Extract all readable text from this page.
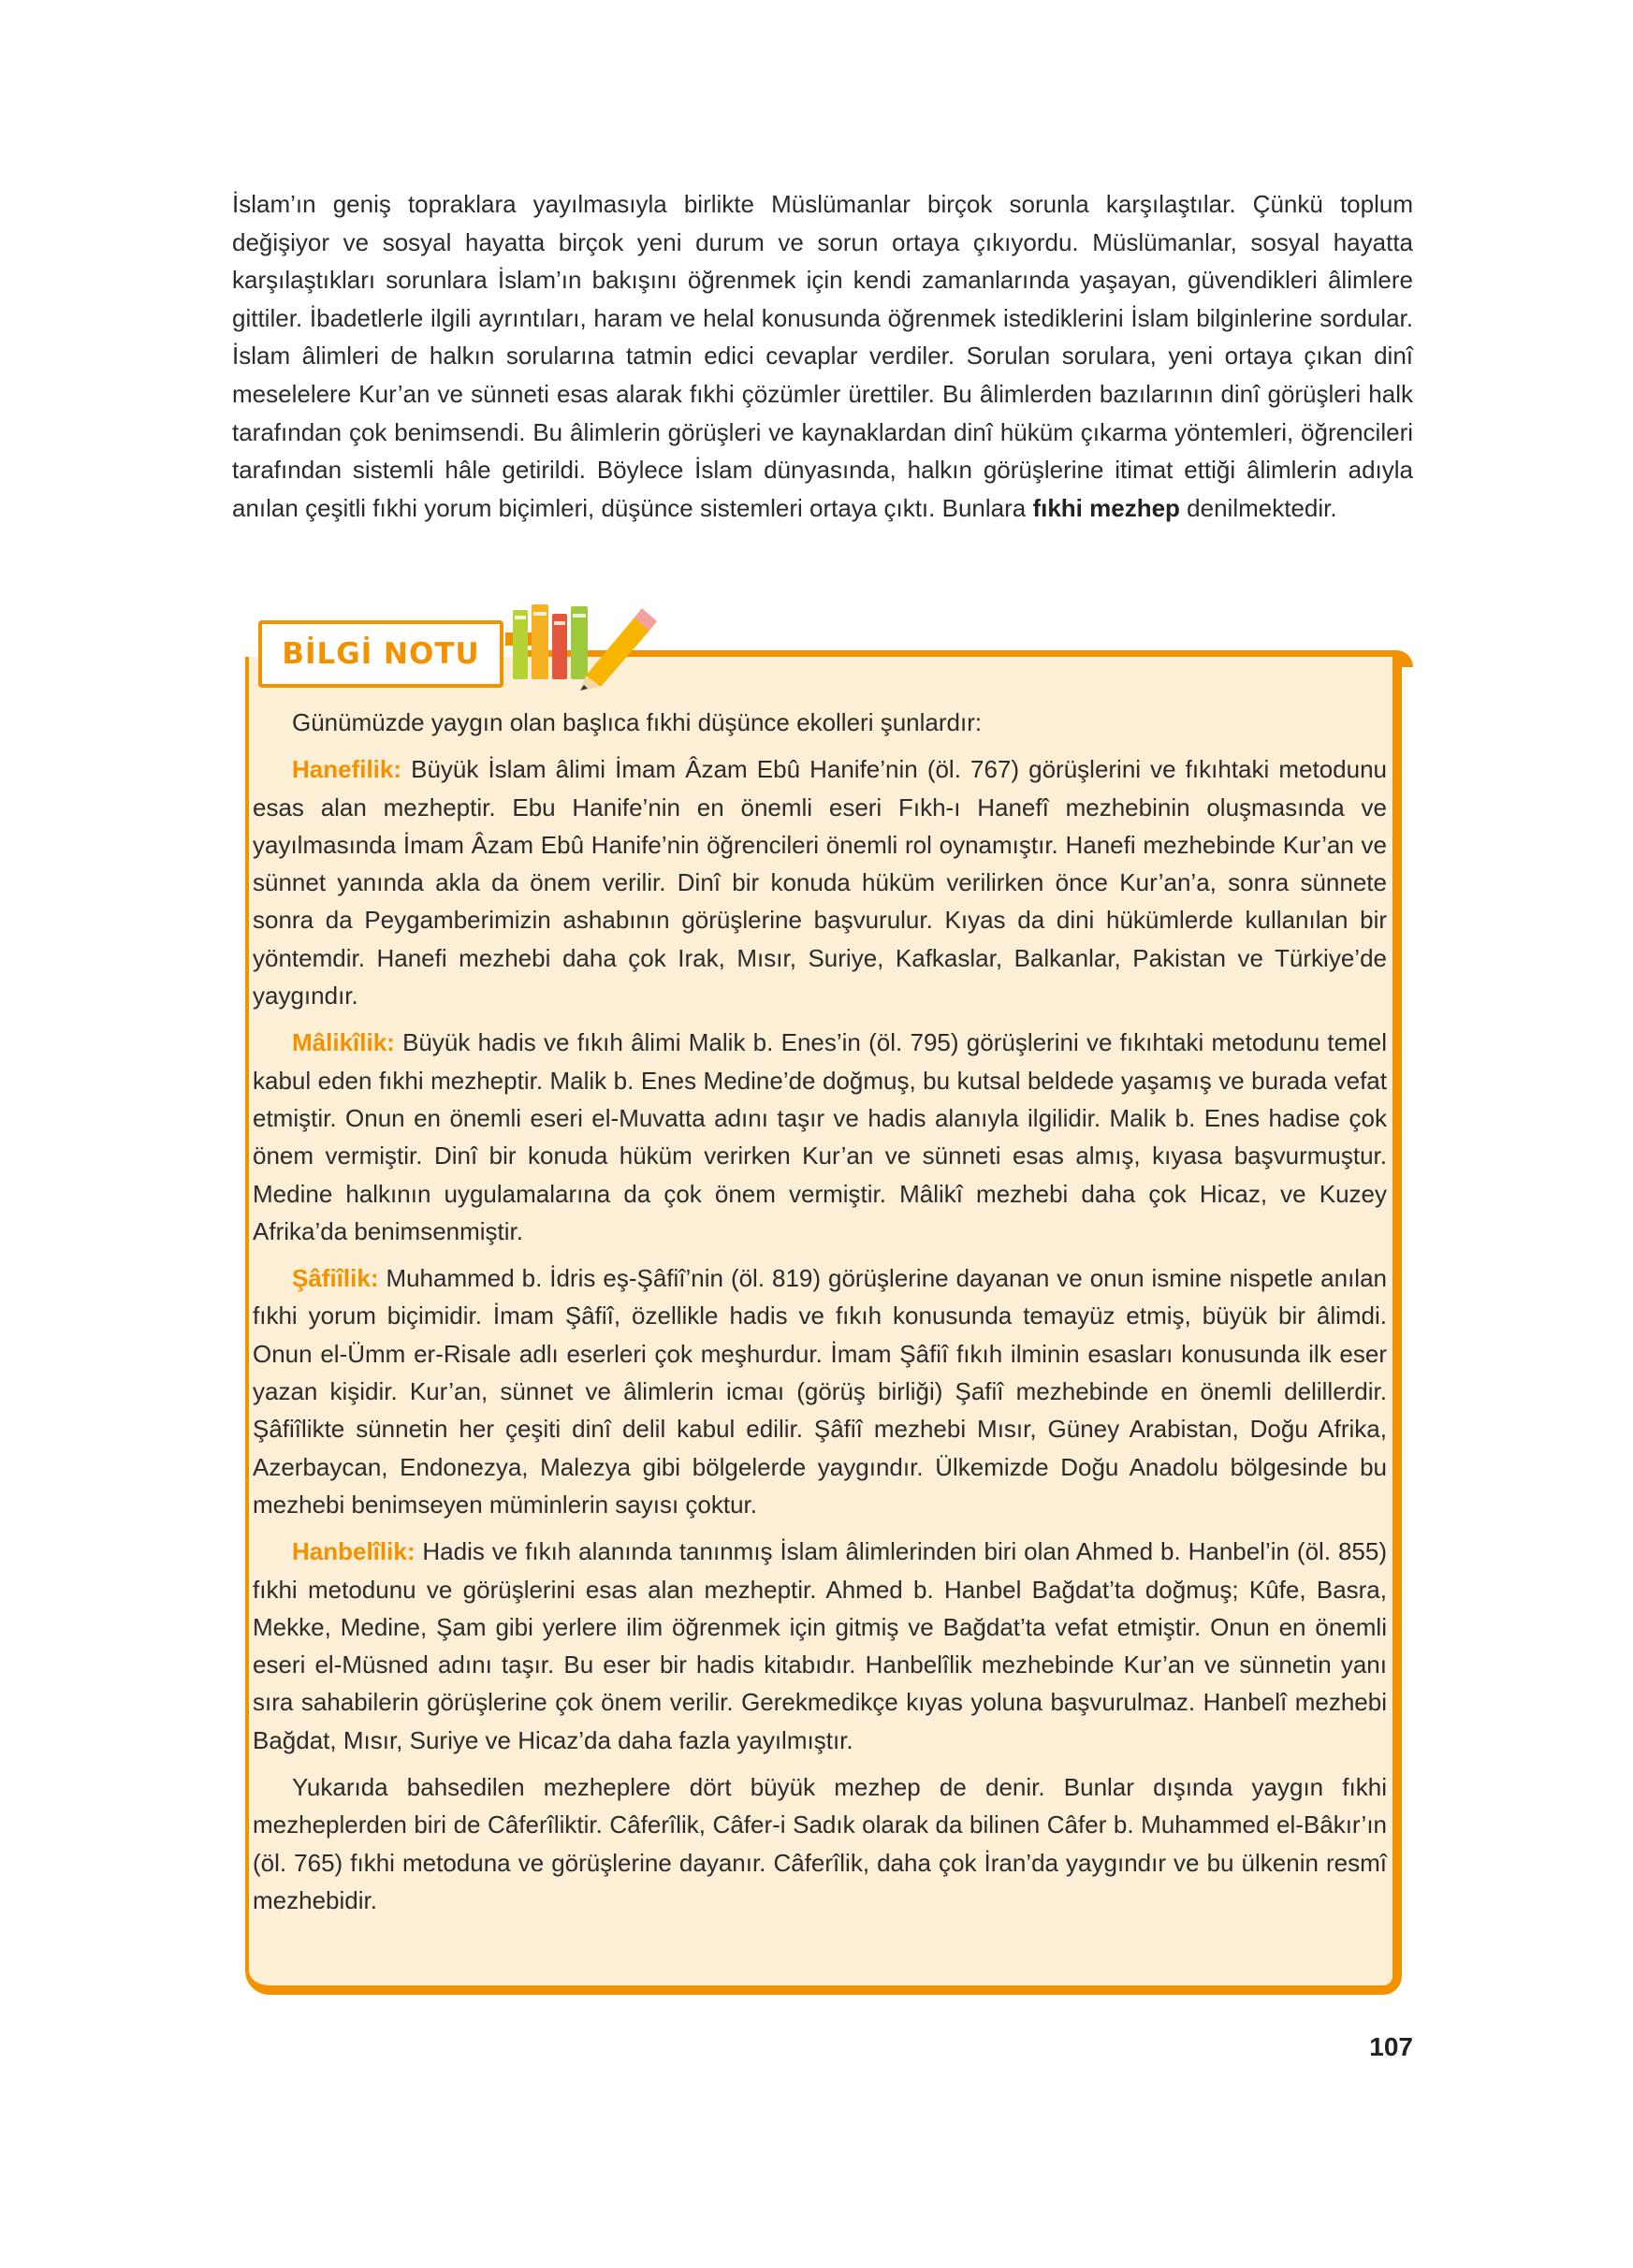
İslam’ın geniş topraklara yayılmasıyla birlikte Müslümanlar birçok sorunla karşılaştılar. Çünkü toplum değişiyor ve sosyal hayatta birçok yeni durum ve sorun ortaya çıkıyordu. Müslümanlar, sosyal hayatta karşılaştıkları sorunlara İslam’ın bakışını öğrenmek için kendi zamanlarında yaşayan, güvendikleri âlimlere gittiler. İbadetlerle ilgili ayrıntıları, haram ve helal konusunda öğrenmek istediklerini İslam bilginlerine sordular. İslam âlimleri de halkın sorularına tatmin edici cevaplar verdiler. Sorulan sorulara, yeni ortaya çıkan dinî meselelere Kur’an ve sünneti esas alarak fıkhi çözümler ürettiler. Bu âlimlerden bazılarının dinî görüşleri halk tarafından çok benimsendi. Bu âlimlerin görüşleri ve kaynaklardan dinî hüküm çıkarma yöntemleri, öğrencileri tarafından sistemli hâle getirildi. Böylece İslam dünyasında, halkın görüşlerine itimat ettiği âlimlerin adıyla anılan çeşitli fıkhi yorum biçimleri, düşünce sistemleri ortaya çıktı. Bunlara fıkhi mezhep denilmektedir.

BİLGİ NOTU

Günümüzde yaygın olan başlıca fıkhi düşünce ekolleri şunlardır:

Hanefilik: Büyük İslam âlimi İmam Âzam Ebû Hanife’nin (öl. 767) görüşlerini ve fıkıhtaki metodunu esas alan mezheptir. Ebu Hanife’nin en önemli eseri Fıkh-ı Hanefî mezhebinin oluşmasında ve yayılmasında İmam Âzam Ebû Hanife’nin öğrencileri önemli rol oynamıştır. Hanefi mezhebinde Kur’an ve sünnet yanında akla da önem verilir. Dinî bir konuda hüküm verilirken önce Kur’an’a, sonra sünnete sonra da Peygamberimizin ashabının görüşlerine başvurulur. Kıyas da dini hükümlerde kullanılan bir yöntemdir. Hanefi mezhebi daha çok Irak, Mısır, Suriye, Kafkaslar, Balkanlar, Pakistan ve Türkiye’de yaygındır.

Mâlikîlik: Büyük hadis ve fıkıh âlimi Malik b. Enes’in (öl. 795) görüşlerini ve fıkıhtaki metodunu temel kabul eden fıkhi mezheptir. Malik b. Enes Medine’de doğmuş, bu kutsal beldede yaşamış ve burada vefat etmiştir. Onun en önemli eseri el-Muvatta adını taşır ve hadis alanıyla ilgilidir. Malik b. Enes hadise çok önem vermiştir. Dinî bir konuda hüküm verirken Kur’an ve sünneti esas almış, kıyasa başvurmuştur. Medine halkının uygulamalarına da çok önem vermiştir. Mâlikî mezhebi daha çok Hicaz, ve Kuzey Afrika’da benimsenmiştir.

Şâfiîlik: Muhammed b. İdris eş-Şâfiî’nin (öl. 819) görüşlerine dayanan ve onun ismine nispetle anılan fıkhi yorum biçimidir. İmam Şâfiî, özellikle hadis ve fıkıh konusunda temayüz etmiş, büyük bir âlimdi. Onun el-Ümm er-Risale adlı eserleri çok meşhurdur. İmam Şâfiî fıkıh ilminin esasları konusunda ilk eser yazan kişidir. Kur’an, sünnet ve âlimlerin icmaı (görüş birliği) Şafiî mezhebinde en önemli delillerdir. Şâfiîlikte sünnetin her çeşiti dinî delil kabul edilir. Şâfiî mezhebi Mısır, Güney Arabistan, Doğu Afrika, Azerbaycan, Endonezya, Malezya gibi bölgelerde yaygındır. Ülkemizde Doğu Anadolu bölgesinde bu mezhebi benimseyen müminlerin sayısı çoktur.

Hanbelîlik: Hadis ve fıkıh alanında tanınmış İslam âlimlerinden biri olan Ahmed b. Hanbel’in (öl. 855) fıkhi metodunu ve görüşlerini esas alan mezheptir. Ahmed b. Hanbel Bağdat’ta doğmuş; Kûfe, Basra, Mekke, Medine, Şam gibi yerlere ilim öğrenmek için gitmiş ve Bağdat’ta vefat etmiştir. Onun en önemli eseri el-Müsned adını taşır. Bu eser bir hadis kitabıdır. Hanbelîlik mezhebinde Kur’an ve sünnetin yanı sıra sahabilerin görüşlerine çok önem verilir. Gerekmedikçe kıyas yoluna başvurulmaz. Hanbelî mezhebi Bağdat, Mısır, Suriye ve Hicaz’da daha fazla yayılmıştır.

Yukarıda bahsedilen mezheplere dört büyük mezhep de denir. Bunlar dışında yaygın fıkhi mezheplerden biri de Câferîliktir. Câferîlik, Câfer-i Sadık olarak da bilinen Câfer b. Muhammed el-Bâkır’ın (öl. 765) fıkhi metoduna ve görüşlerine dayanır. Câferîlik, daha çok İran’da yaygındır ve bu ülkenin resmî mezhebidir.

107
